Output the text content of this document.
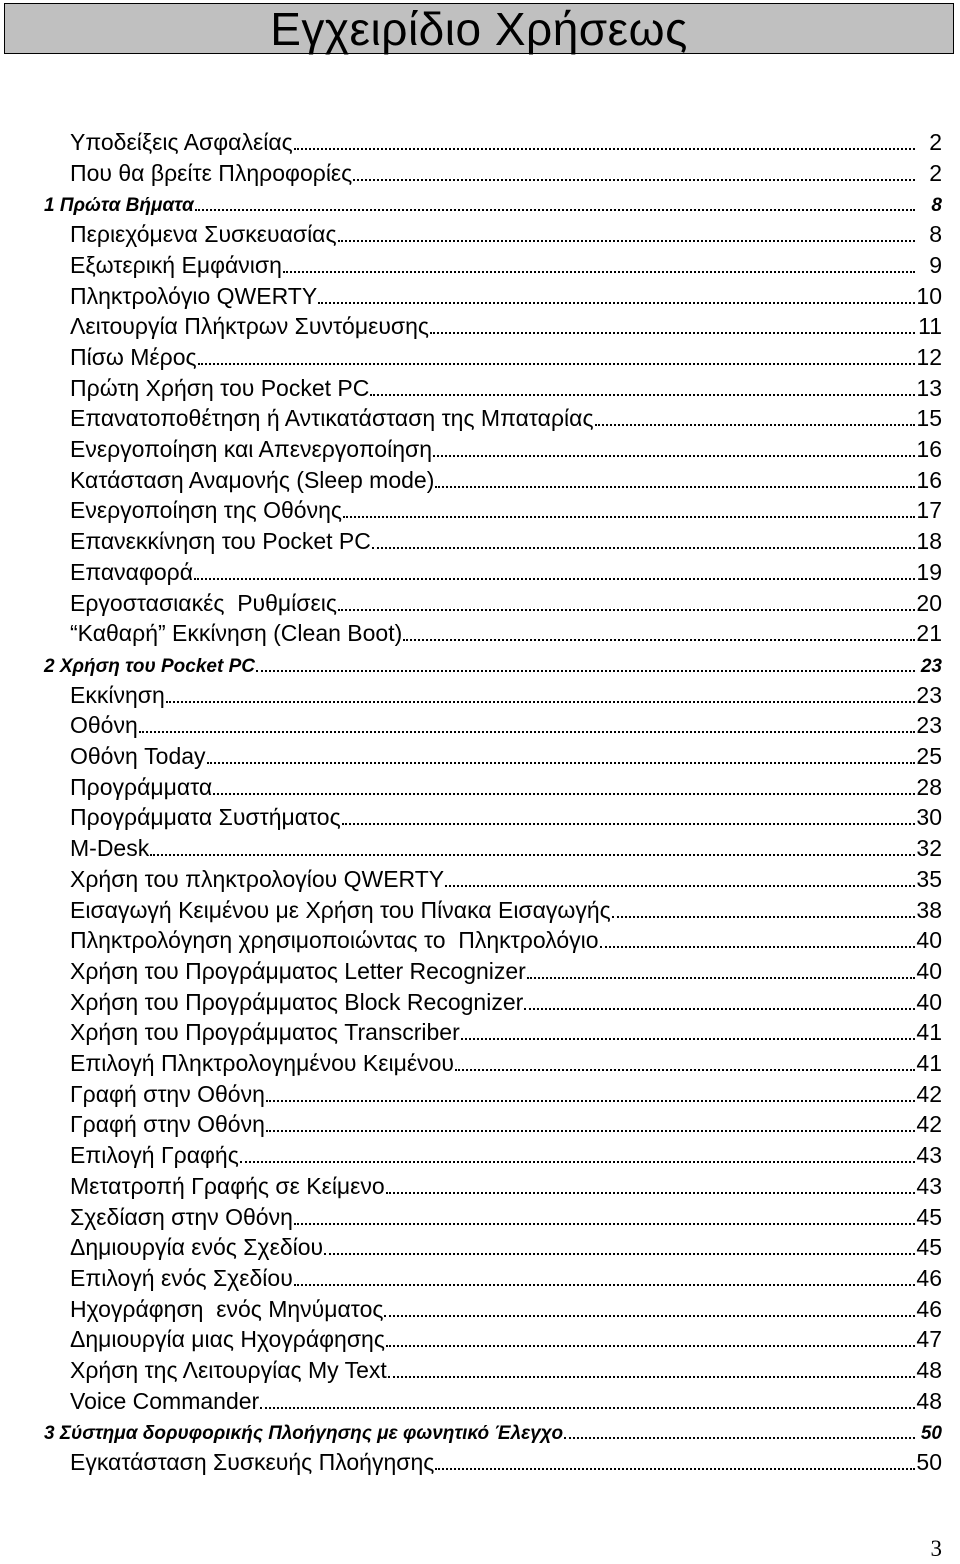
Εγχειρίδιο Χρήσεως
Υποδείξεις Ασφαλείας	2
Που θα βρείτε Πληροφορίες	2
1 Πρώτα Βήματα	8
Περιεχόμενα Συσκευασίας	8
Εξωτερική Εμφάνιση	9
Πληκτρολόγιο QWERTY	10
Λειτουργία Πλήκτρων Συντόμευσης	11
Πίσω Μέρος	12
Πρώτη Χρήση του Pocket PC	13
Επανατοποθέτηση ή Αντικατάσταση της Μπαταρίας	15
Ενεργοποίηση και Απενεργοποίηση	16
Κατάσταση Αναμονής (Sleep mode)	16
Ενεργοποίηση της Οθόνης	17
Επανεκκίνηση του Pocket PC	18
Επαναφορά	19
Εργοστασιακές  Ρυθμίσεις	20
“Καθαρή” Εκκίνηση (Clean Boot)	21
2 Χρήση του Pocket PC	23
Εκκίνηση	23
Οθόνη	23
Οθόνη Today	25
Προγράμματα	28
Προγράμματα Συστήματος	30
M-Desk	32
Χρήση του πληκτρολογίου QWERTY	35
Εισαγωγή Κειμένου με Χρήση του Πίνακα Εισαγωγής	38
Πληκτρολόγηση χρησιμοποιώντας το  Πληκτρολόγιο	40
Χρήση του Προγράμματος Letter Recognizer	40
Χρήση του Προγράμματος Block Recognizer	40
Χρήση του Προγράμματος Transcriber	41
Επιλογή Πληκτρολογημένου Κειμένου	41
Γραφή στην Οθόνη	42
Γραφή στην Οθόνη	42
Επιλογή Γραφής	43
Μετατροπή Γραφής σε Κείμενο	43
Σχεδίαση στην Οθόνη	45
Δημιουργία ενός Σχεδίου	45
Επιλογή ενός Σχεδίου	46
Ηχογράφηση  ενός Μηνύματος	46
Δημιουργία μιας Ηχογράφησης	47
Χρήση της Λειτουργίας My Text	48
Voice Commander	48
3 Σύστημα δορυφορικής Πλοήγησης με φωνητικό Έλεγχο	50
Εγκατάσταση Συσκευής Πλοήγησης	50
3
